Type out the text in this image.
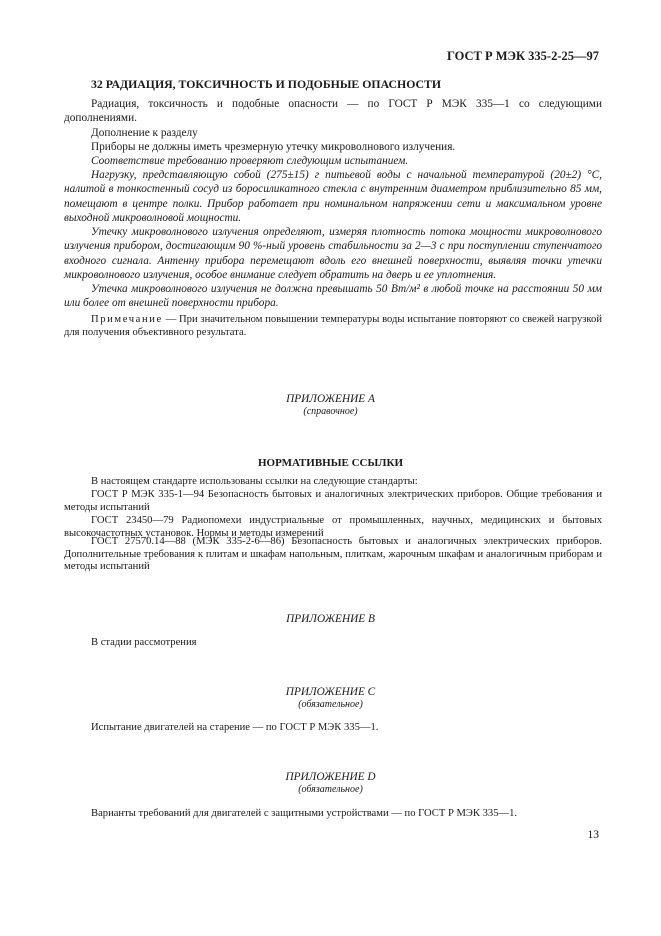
ГОСТ Р МЭК 335-2-25—97
32 РАДИАЦИЯ, ТОКСИЧНОСТЬ И ПОДОБНЫЕ ОПАСНОСТИ
Радиация, токсичность и подобные опасности — по ГОСТ Р МЭК 335—1 со следующими дополнениями.
Дополнение к разделу
Приборы не должны иметь чрезмерную утечку микроволнового излучения.
Соответствие требованию проверяют следующим испытанием.
Нагрузку, представляющую собой (275±15) г питьевой воды с начальной температурой (20±2) °С, налитой в тонкостенный сосуд из боросиликатного стекла с внутренним диаметром приблизительно 85 мм, помещают в центре полки. Прибор работает при номинальном напряжении сети и максимальном уровне выходной микроволновой мощности.
Утечку микроволнового излучения определяют, измеряя плотность потока мощности микроволнового излучения прибором, достигающим 90 %-ный уровень стабильности за 2—3 с при поступлении ступенчатого входного сигнала. Антенну прибора перемещают вдоль его внешней поверхности, выявляя точки утечки микроволнового излучения, особое внимание следует обратить на дверь и ее уплотнения.
Утечка микроволнового излучения не должна превышать 50 Вт/м² в любой точке на расстоянии 50 мм или более от внешней поверхности прибора.
Примечание — При значительном повышении температуры воды испытание повторяют со свежей нагрузкой для получения объективного результата.
ПРИЛОЖЕНИЕ А
(справочное)
НОРМАТИВНЫЕ ССЫЛКИ
В настоящем стандарте использованы ссылки на следующие стандарты:
ГОСТ Р МЭК 335-1—94 Безопасность бытовых и аналогичных электрических приборов. Общие требования и методы испытаний
ГОСТ 23450—79 Радиопомехи индустриальные от промышленных, научных, медицинских и бытовых высокочастотных установок. Нормы и методы измерений
ГОСТ 27570.14—88 (МЭК 335-2-6—86) Безопасность бытовых и аналогичных электрических приборов. Дополнительные требования к плитам и шкафам напольным, плиткам, жарочным шкафам и аналогичным приборам и методы испытаний
ПРИЛОЖЕНИЕ В
В стадии рассмотрения
ПРИЛОЖЕНИЕ С
(обязательное)
Испытание двигателей на старение — по ГОСТ Р МЭК 335—1.
ПРИЛОЖЕНИЕ D
(обязательное)
Варианты требований для двигателей с защитными устройствами — по ГОСТ Р МЭК 335—1.
13
